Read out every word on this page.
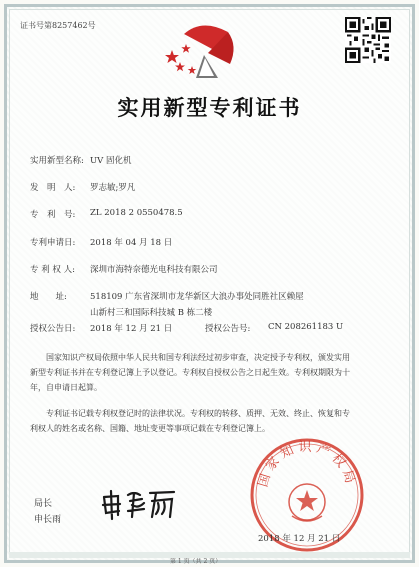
证书号第8257462号
实用新型专利证书
实用新型名称: UV 固化机
发　明　人: 罗志敏;罗凡
专　利　号: ZL 2018 2 0550478.5
专利申请日: 2018 年 04 月 18 日
专 利 权 人: 深圳市海特奈德光电科技有限公司
地　　址:	518109 广东省深圳市龙华新区大浪办事处同胜社区赖屋
山新村三和国际科技城 B 栋二楼
授权公告日: 2018 年 12 月 21 日	授权公告号: CN 208261183 U
国家知识产权局依照中华人民共和国专利法经过初步审查，决定授予专利权，颁发实用
新型专利证书并在专利登记簿上予以登记。专利权自授权公告之日起生效。专利权期限为十
年，自申请日起算。
专利证书记载专利权登记时的法律状况。专利权的转移、质押、无效、终止、恢复和专
利权人的姓名或名称、国籍、地址变更等事项记载在专利登记簿上。
局长
申长雨
国家知识产权局
2018 年 12 月 21 日
第 1 页（共 2 页）
